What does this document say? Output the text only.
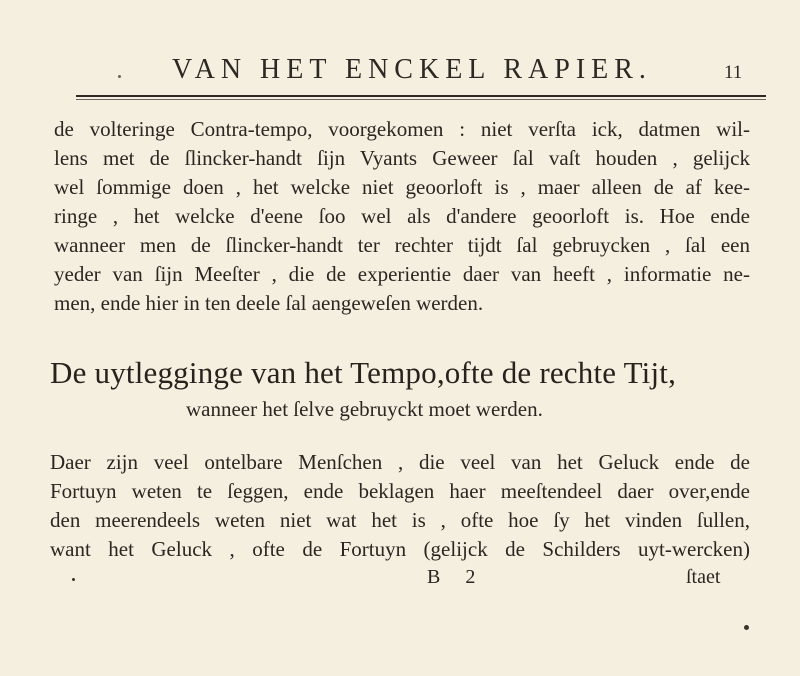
VAN HET ENCKEL RAPIER.	11
de volteringe Contra-tempo, voorgekomen : niet verſta ick, datmen wil-
lens met de ſlincker-handt ſijn Vyants Geweer ſal vaſt houden , gelijck
wel ſommige doen , het welcke niet geoorloft is , maer alleen de af kee-
ringe , het welcke d'eene ſoo wel als d'andere geoorloft is. Hoe ende
wanneer men de ſlincker-handt ter rechter tijdt ſal gebruycken , ſal een
yeder van ſijn Meeſter , die de experientie daer van heeft , informatie ne-
men, ende hier in ten deele ſal aengeweſen werden.
De uytlegginge van het Tempo,ofte de rechte Tijt,
wanneer het ſelve gebruyckt moet werden.
Daer zijn veel ontelbare Menſchen , die veel van het Geluck ende de
Fortuyn weten te ſeggen, ende beklagen haer meeſtendeel daer over,ende
den meerendeels weten niet wat het is , ofte hoe ſy het vinden ſullen,
want het Geluck , ofte de Fortuyn (gelijck de Schilders uyt-wercken)
B 2	ſtaet
